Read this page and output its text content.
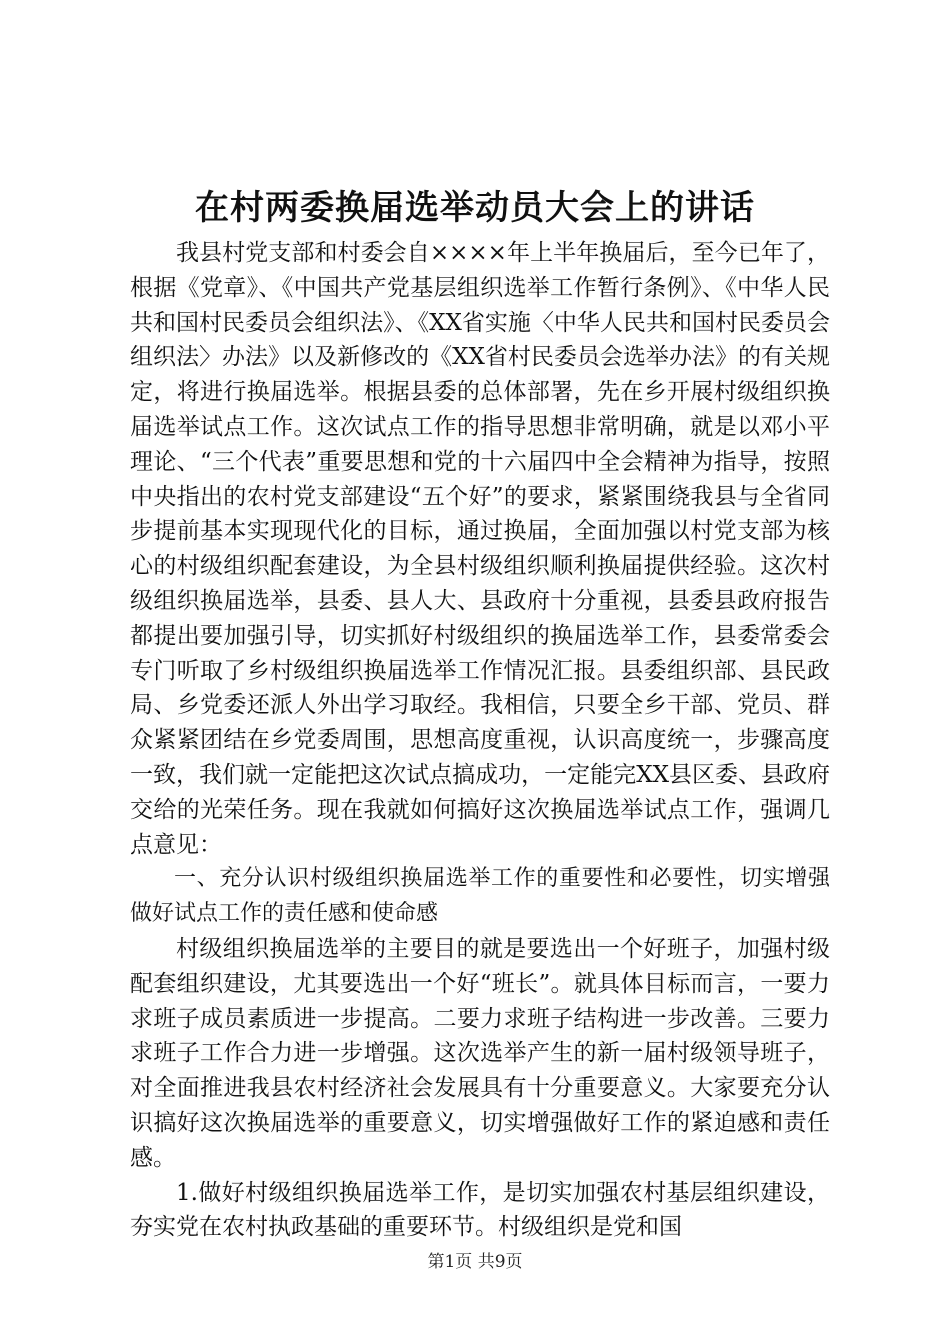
在村两委换届选举动员大会上的讲话

我县村党支部和村委会自××××年上半年换届后，至今已年了，根据《党章》、《中国共产党基层组织选举工作暂行条例》、《中华人民共和国村民委员会组织法》、《XX省实施〈中华人民共和国村民委员会组织法〉办法》以及新修改的《XX省村民委员会选举办法》的有关规定，将进行换届选举。根据县委的总体部署，先在乡开展村级组织换届选举试点工作。这次试点工作的指导思想非常明确，就是以邓小平理论、“三个代表”重要思想和党的十六届四中全会精神为指导，按照中央指出的农村党支部建设“五个好”的要求，紧紧围绕我县与全省同步提前基本实现现代化的目标，通过换届，全面加强以村党支部为核心的村级组织配套建设，为全县村级组织顺利换届提供经验。这次村级组织换届选举，县委、县人大、县政府十分重视，县委县政府报告都提出要加强引导，切实抓好村级组织的换届选举工作，县委常委会专门听取了乡村级组织换届选举工作情况汇报。县委组织部、县民政局、乡党委还派人外出学习取经。我相信，只要全乡干部、党员、群众紧紧团结在乡党委周围，思想高度重视，认识高度统一，步骤高度一致，我们就一定能把这次试点搞成功，一定能完XX县区委、县政府交给的光荣任务。现在我就如何搞好这次换届选举试点工作，强调几点意见：

一、充分认识村级组织换届选举工作的重要性和必要性，切实增强做好试点工作的责任感和使命感

村级组织换届选举的主要目的就是要选出一个好班子，加强村级配套组织建设，尤其要选出一个好“班长”。就具体目标而言，一要力求班子成员素质进一步提高。二要力求班子结构进一步改善。三要力求班子工作合力进一步增强。这次选举产生的新一届村级领导班子，对全面推进我县农村经济社会发展具有十分重要意义。大家要充分认识搞好这次换届选举的重要意义，切实增强做好工作的紧迫感和责任感。

1.做好村级组织换届选举工作，是切实加强农村基层组织建设，夯实党在农村执政基础的重要环节。村级组织是党和国

第1页 共9页
